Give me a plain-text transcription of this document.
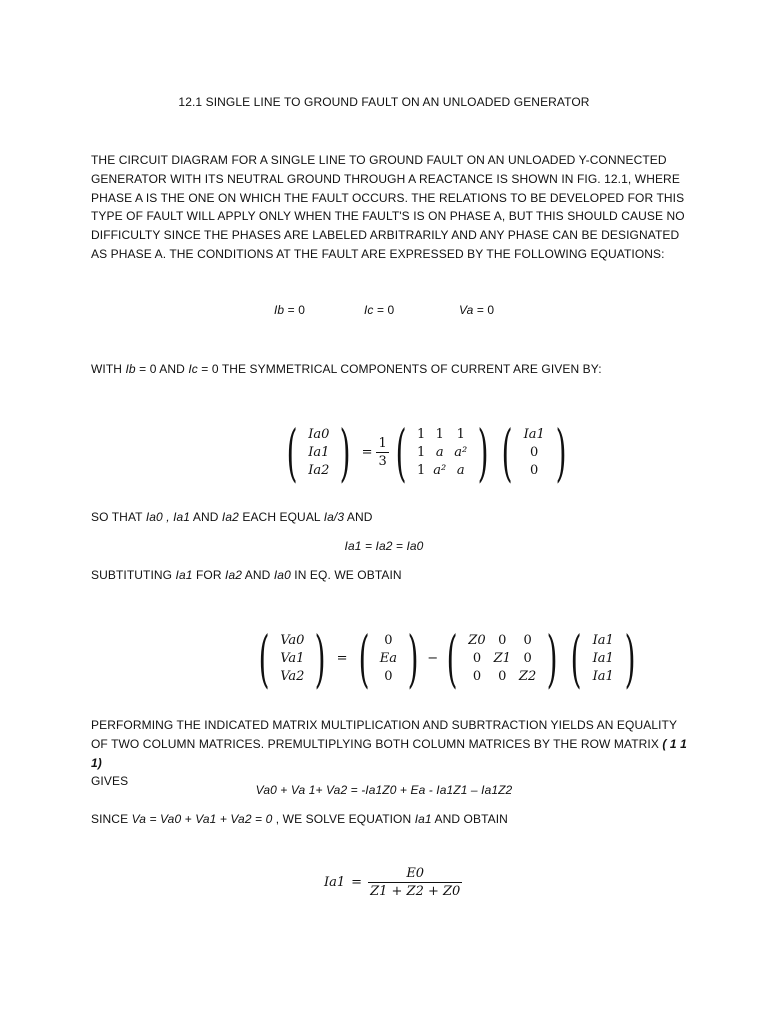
12.1 SINGLE LINE TO GROUND FAULT ON AN UNLOADED GENERATOR
THE CIRCUIT DIAGRAM FOR A SINGLE LINE TO GROUND FAULT ON AN UNLOADED Y-CONNECTED GENERATOR WITH ITS NEUTRAL GROUND THROUGH A REACTANCE IS SHOWN IN FIG. 12.1, WHERE PHASE A IS THE ONE ON WHICH THE FAULT OCCURS. THE RELATIONS TO BE DEVELOPED FOR THIS TYPE OF FAULT WILL APPLY ONLY WHEN THE FAULT'S IS ON PHASE A, BUT THIS SHOULD CAUSE NO DIFFICULTY SINCE THE PHASES ARE LABELED ARBITRARILY AND ANY PHASE CAN BE DESIGNATED AS PHASE A. THE CONDITIONS AT THE FAULT ARE EXPRESSED BY THE FOLLOWING EQUATIONS:
Ib = 0	Ic = 0	Va = 0
WITH Ib = 0 AND Ic = 0 THE SYMMETRICAL COMPONENTS OF CURRENT ARE GIVEN BY:
( Ia0
Ia1
Ia2 ) = $\frac{1}{3}$ ( 1	1	1
1	a	a²
1	a²	a ) ( Ia1
0
0 )
SO THAT Ia0 , Ia1 AND Ia2 EACH EQUAL Ia/3 AND
Ia1 = Ia2 = Ia0
SUBTITUTING Ia1 FOR Ia2 AND Ia0 IN EQ. WE OBTAIN
( Va0
Va1
Va2 ) = ( 0
Ea
0 ) − ( Z0	0	0
0	Z1	0
0	0	Z2 ) ( Ia1
Ia1
Ia1 )
PERFORMING THE INDICATED MATRIX MULTIPLICATION AND SUBRTRACTION YIELDS AN EQUALITY OF TWO COLUMN MATRICES. PREMULTIPLYING BOTH COLUMN MATRICES BY THE ROW MATRIX ( 1 1 1)
GIVES
Va0 + Va 1+ Va2 = -Ia1Z0 + Ea - Ia1Z1 – Ia1Z2
SINCE Va = Va0 + Va1 + Va2 = 0 , WE SOLVE EQUATION Ia1 AND OBTAIN
$Ia1 = \frac{E0}{Z1 + Z2 + Z0}$
